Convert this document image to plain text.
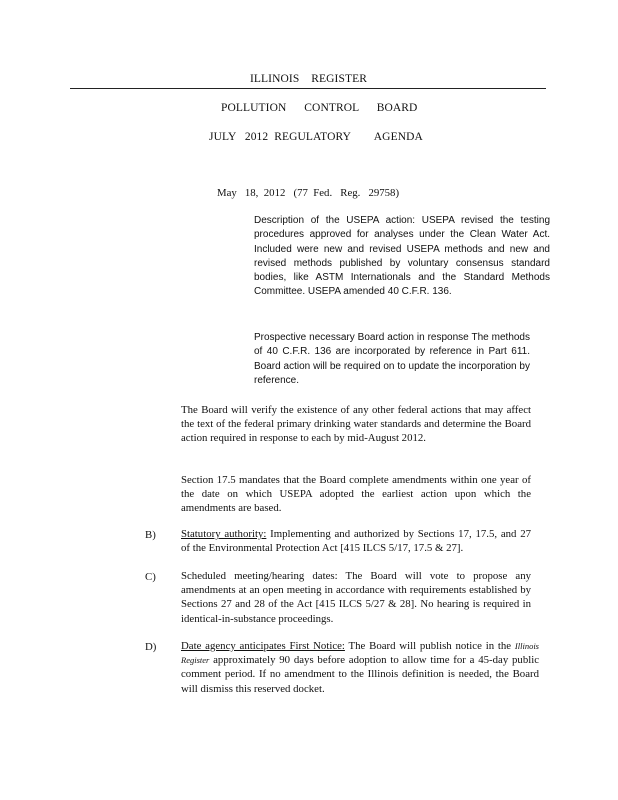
ILLINOIS    REGISTER
POLLUTION      CONTROL      BOARD
JULY   2012  REGULATORY        AGENDA
May   18,  2012   (77  Fed.   Reg.   29758)
Description of the USEPA action: USEPA revised the testing procedures approved for analyses under the Clean Water Act. Included were new and revised USEPA methods and new and revised methods published by voluntary consensus standard bodies, like ASTM Internationals and the Standard Methods Committee. USEPA amended 40 C.F.R. 136.
Prospective necessary Board action in response The methods of 40 C.F.R. 136 are incorporated by reference in Part 611. Board action will be required on to update the incorporation by reference.
The Board will verify the existence of any other federal actions that may affect the text of the federal primary drinking water standards and determine the Board action required in response to each by mid-August 2012.
Section 17.5 mandates that the Board complete amendments within one year of the date on which USEPA adopted the earliest action upon which the amendments are based.
B) Statutory authority: Implementing and authorized by Sections 17, 17.5, and 27 of the Environmental Protection Act [415 ILCS 5/17, 17.5 & 27].
C) Scheduled meeting/hearing dates: The Board will vote to propose any amendments at an open meeting in accordance with requirements established by Sections 27 and 28 of the Act [415 ILCS 5/27 & 28]. No hearing is required in identical-in-substance proceedings.
D) Date agency anticipates First Notice: The Board will publish notice in the Illinois Register approximately 90 days before adoption to allow time for a 45-day public comment period. If no amendment to the Illinois definition is needed, the Board will dismiss this reserved docket.
